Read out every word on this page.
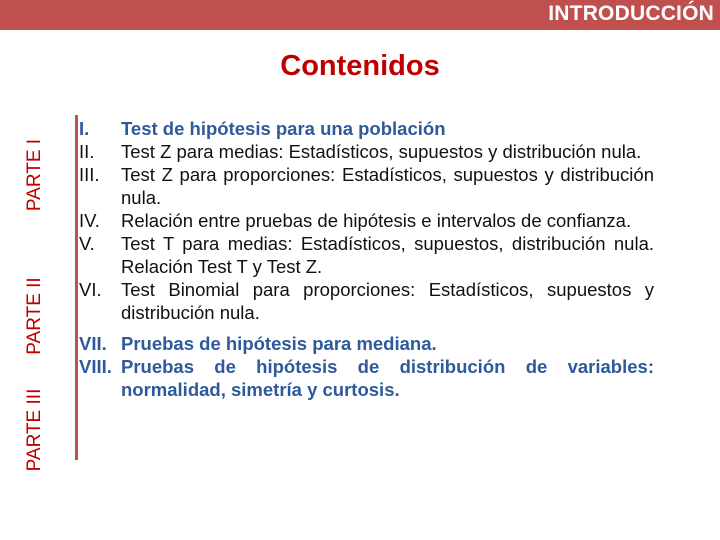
INTRODUCCIÓN
Contenidos
PARTE I
PARTE II
PARTE III
I.	Test de hipótesis para una población
II.	Test Z para medias: Estadísticos, supuestos y distribución nula.
III.	Test Z para proporciones: Estadísticos, supuestos y distribución nula.
IV.	Relación entre pruebas de hipótesis e intervalos de confianza.
V.	Test T para medias: Estadísticos, supuestos, distribución nula. Relación Test T y Test Z.
VI.	Test Binomial para proporciones: Estadísticos, supuestos y distribución nula.
VII. Pruebas de hipótesis para mediana.
VIII. Pruebas de hipótesis de distribución de variables: normalidad, simetría y curtosis.
